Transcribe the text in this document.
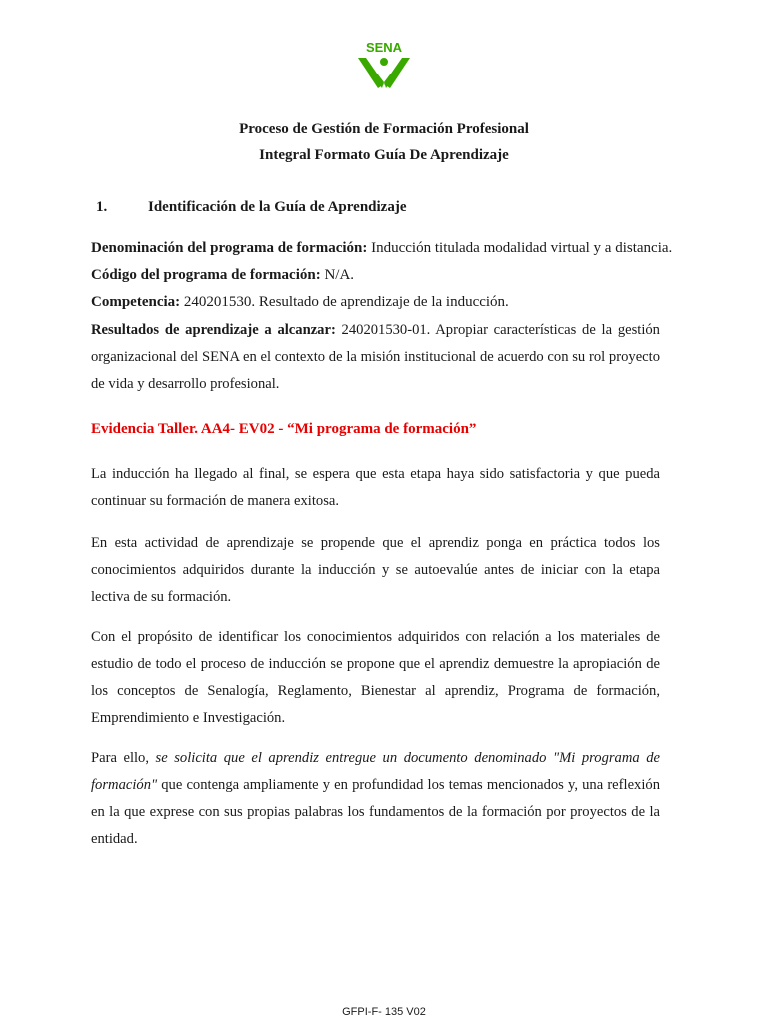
SENA
Proceso de Gestión de Formación Profesional
Integral Formato Guía De Aprendizaje
1.	Identificación de la Guía de Aprendizaje
Denominación del programa de formación: Inducción titulada modalidad virtual y a distancia.
Código del programa de formación: N/A.
Competencia: 240201530. Resultado de aprendizaje de la inducción.
Resultados de aprendizaje a alcanzar: 240201530-01. Apropiar características de la gestión organizacional del SENA en el contexto de la misión institucional de acuerdo con su rol proyecto de vida y desarrollo profesional.
Evidencia Taller. AA4- EV02 - “Mi programa de formación”
La inducción ha llegado al final, se espera que esta etapa haya sido satisfactoria y que pueda continuar su formación de manera exitosa.
En esta actividad de aprendizaje se propende que el aprendiz ponga en práctica todos los conocimientos adquiridos durante la inducción y se autoevalúe antes de iniciar con la etapa lectiva de su formación.
Con el propósito de identificar los conocimientos adquiridos con relación a los materiales de estudio de todo el proceso de inducción se propone que el aprendiz demuestre la apropiación de los conceptos de Senalogía, Reglamento, Bienestar al aprendiz, Programa de formación, Emprendimiento e Investigación.
Para ello, se solicita que el aprendiz entregue un documento denominado "Mi programa de formación" que contenga ampliamente y en profundidad los temas mencionados y, una reflexión en la que exprese con sus propias palabras los fundamentos de la formación por proyectos de la entidad.
GFPI-F- 135 V02
